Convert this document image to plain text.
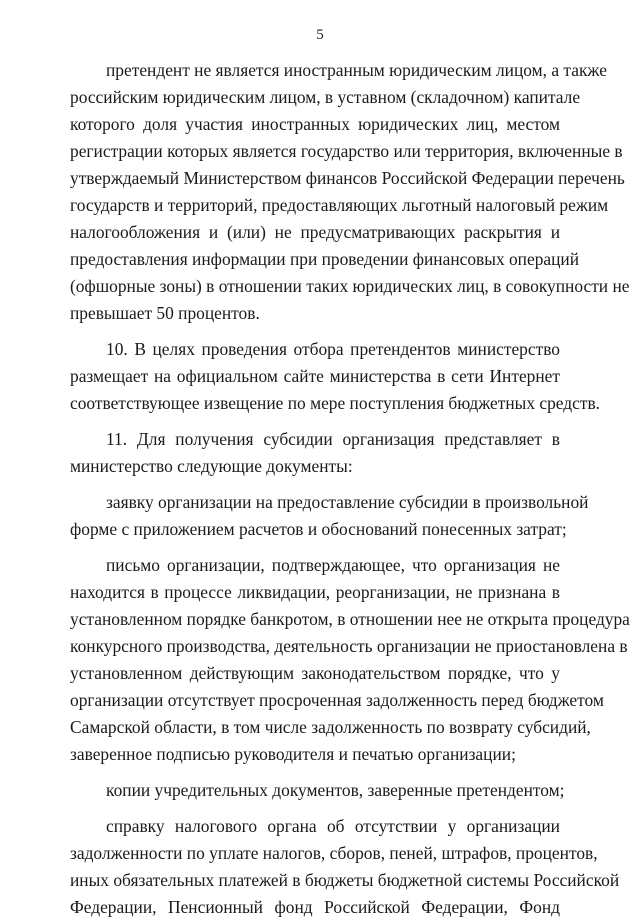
5
претендент не является иностранным юридическим лицом, а также
российским юридическим лицом, в уставном (складочном) капитале
которого доля участия иностранных юридических лиц, местом
регистрации которых является государство или территория, включенные в
утверждаемый Министерством финансов Российской Федерации перечень
государств и территорий, предоставляющих льготный налоговый режим
налогообложения и (или) не предусматривающих раскрытия и
предоставления информации при проведении финансовых операций
(офшорные зоны) в отношении таких юридических лиц, в совокупности не
превышает 50 процентов.
10. В целях проведения отбора претендентов министерство
размещает на официальном сайте министерства в сети Интернет
соответствующее извещение по мере поступления бюджетных средств.
11. Для получения субсидии организация представляет в
министерство следующие документы:
заявку организации на предоставление субсидии в произвольной
форме с приложением расчетов и обоснований понесенных затрат;
письмо организации, подтверждающее, что организация не
находится в процессе ликвидации, реорганизации, не признана в
установленном порядке банкротом, в отношении нее не открыта процедура
конкурсного производства, деятельность организации не приостановлена в
установленном действующим законодательством порядке, что у
организации отсутствует просроченная задолженность перед бюджетом
Самарской области, в том числе задолженность по возврату субсидий,
заверенное подписью руководителя и печатью организации;
копии учредительных документов, заверенные претендентом;
справку налогового органа об отсутствии у организации
задолженности по уплате налогов, сборов, пеней, штрафов, процентов,
иных обязательных платежей в бюджеты бюджетной системы Российской
Федерации, Пенсионный фонд Российской Федерации, Фонд
